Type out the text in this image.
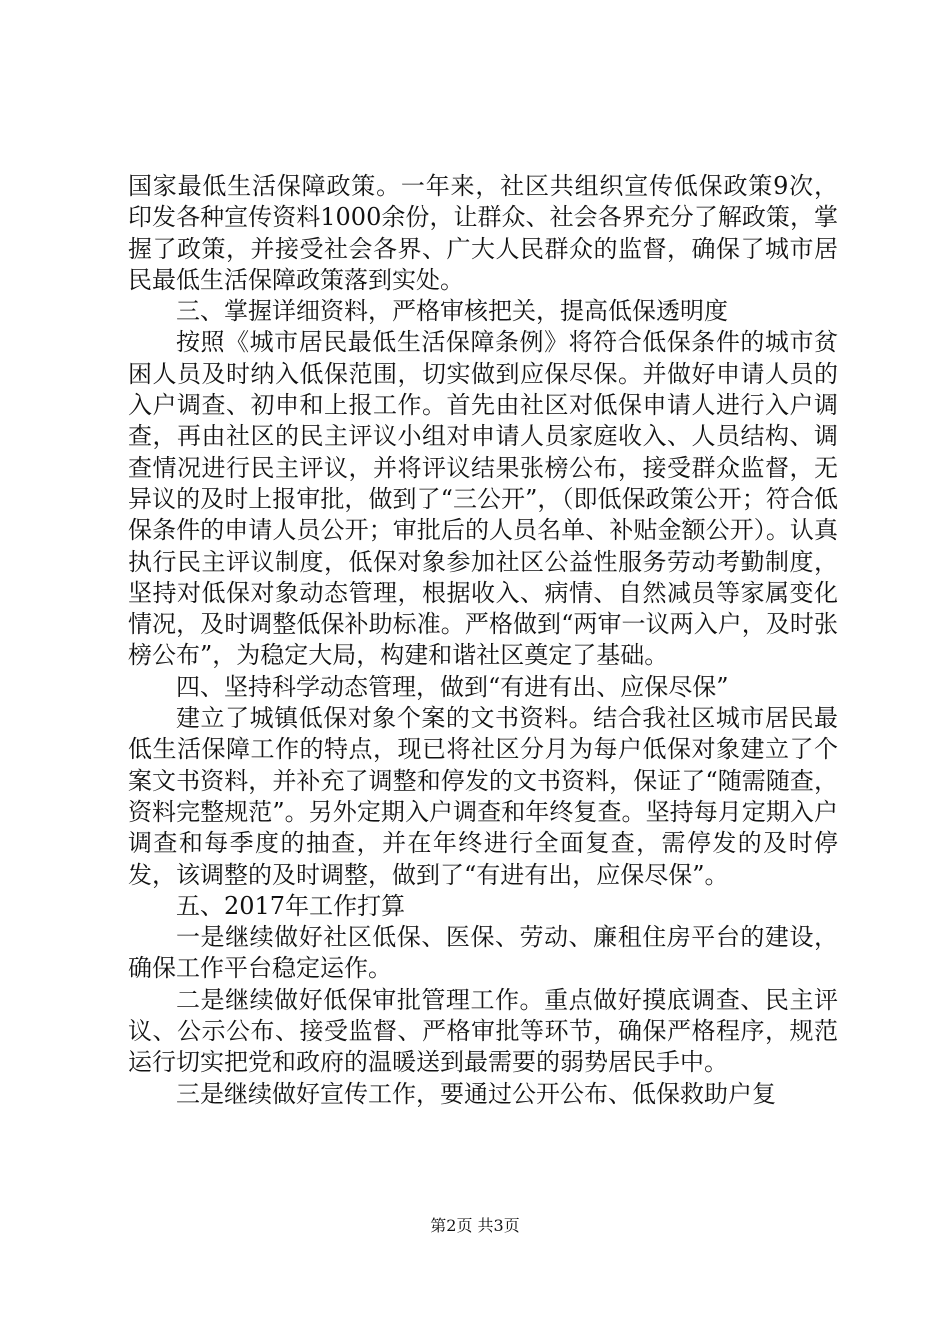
国家最低生活保障政策。一年来，社区共组织宣传低保政策9次，印发各种宣传资料1000余份，让群众、社会各界充分了解政策，掌握了政策，并接受社会各界、广大人民群众的监督，确保了城市居民最低生活保障政策落到实处。

三、掌握详细资料，严格审核把关，提高低保透明度

按照《城市居民最低生活保障条例》将符合低保条件的城市贫困人员及时纳入低保范围，切实做到应保尽保。并做好申请人员的入户调查、初申和上报工作。首先由社区对低保申请人进行入户调查，再由社区的民主评议小组对申请人员家庭收入、人员结构、调查情况进行民主评议，并将评议结果张榜公布，接受群众监督，无异议的及时上报审批，做到了“三公开”，（即低保政策公开；符合低保条件的申请人员公开；审批后的人员名单、补贴金额公开）。认真执行民主评议制度，低保对象参加社区公益性服务劳动考勤制度，坚持对低保对象动态管理，根据收入、病情、自然减员等家属变化情况，及时调整低保补助标准。严格做到“两审一议两入户，及时张榜公布”，为稳定大局，构建和谐社区奠定了基础。

四、坚持科学动态管理，做到“有进有出、应保尽保”

建立了城镇低保对象个案的文书资料。结合我社区城市居民最低生活保障工作的特点，现已将社区分月为每户低保对象建立了个案文书资料，并补充了调整和停发的文书资料，保证了“随需随查，资料完整规范”。另外定期入户调查和年终复查。坚持每月定期入户调查和每季度的抽查，并在年终进行全面复查，需停发的及时停发，该调整的及时调整，做到了“有进有出，应保尽保”。

五、2017年工作打算

一是继续做好社区低保、医保、劳动、廉租住房平台的建设，确保工作平台稳定运作。

二是继续做好低保审批管理工作。重点做好摸底调查、民主评议、公示公布、接受监督、严格审批等环节，确保严格程序，规范运行切实把党和政府的温暖送到最需要的弱势居民手中。

三是继续做好宣传工作，要通过公开公布、低保救助户复

第2页 共3页
